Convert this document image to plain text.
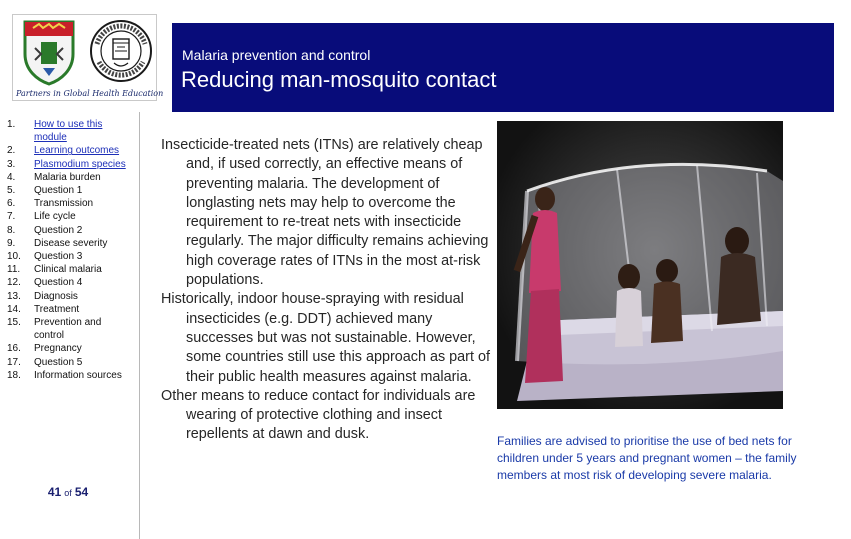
Partners in Global Health Education
Malaria prevention and control
Reducing man-mosquito contact
1. How to use this module
2. Learning outcomes
3. Plasmodium species
4. Malaria burden
5. Question 1
6. Transmission
7. Life cycle
8. Question 2
9. Disease severity
10. Question 3
11. Clinical malaria
12. Question 4
13. Diagnosis
14. Treatment
15. Prevention and control
16. Pregnancy
17. Question 5
18. Information sources
41 of 54

Insecticide-treated nets (ITNs) are relatively cheap and, if used correctly, an effective means of preventing malaria. The development of longlasting nets may help to overcome the requirement to re-treat nets with insecticide regularly. The major difficulty remains achieving high coverage rates of ITNs in the most at-risk populations.

Historically, indoor house-spraying with residual insecticides (e.g. DDT) achieved many successes but was not sustainable. However, some countries still use this approach as part of their public health measures against malaria.

Other means to reduce contact for individuals are wearing of protective clothing and insect repellents at dawn and dusk.	Families are advised to prioritise the use of bed nets for children under 5 years and pregnant women – the family members at most risk of developing severe malaria.
